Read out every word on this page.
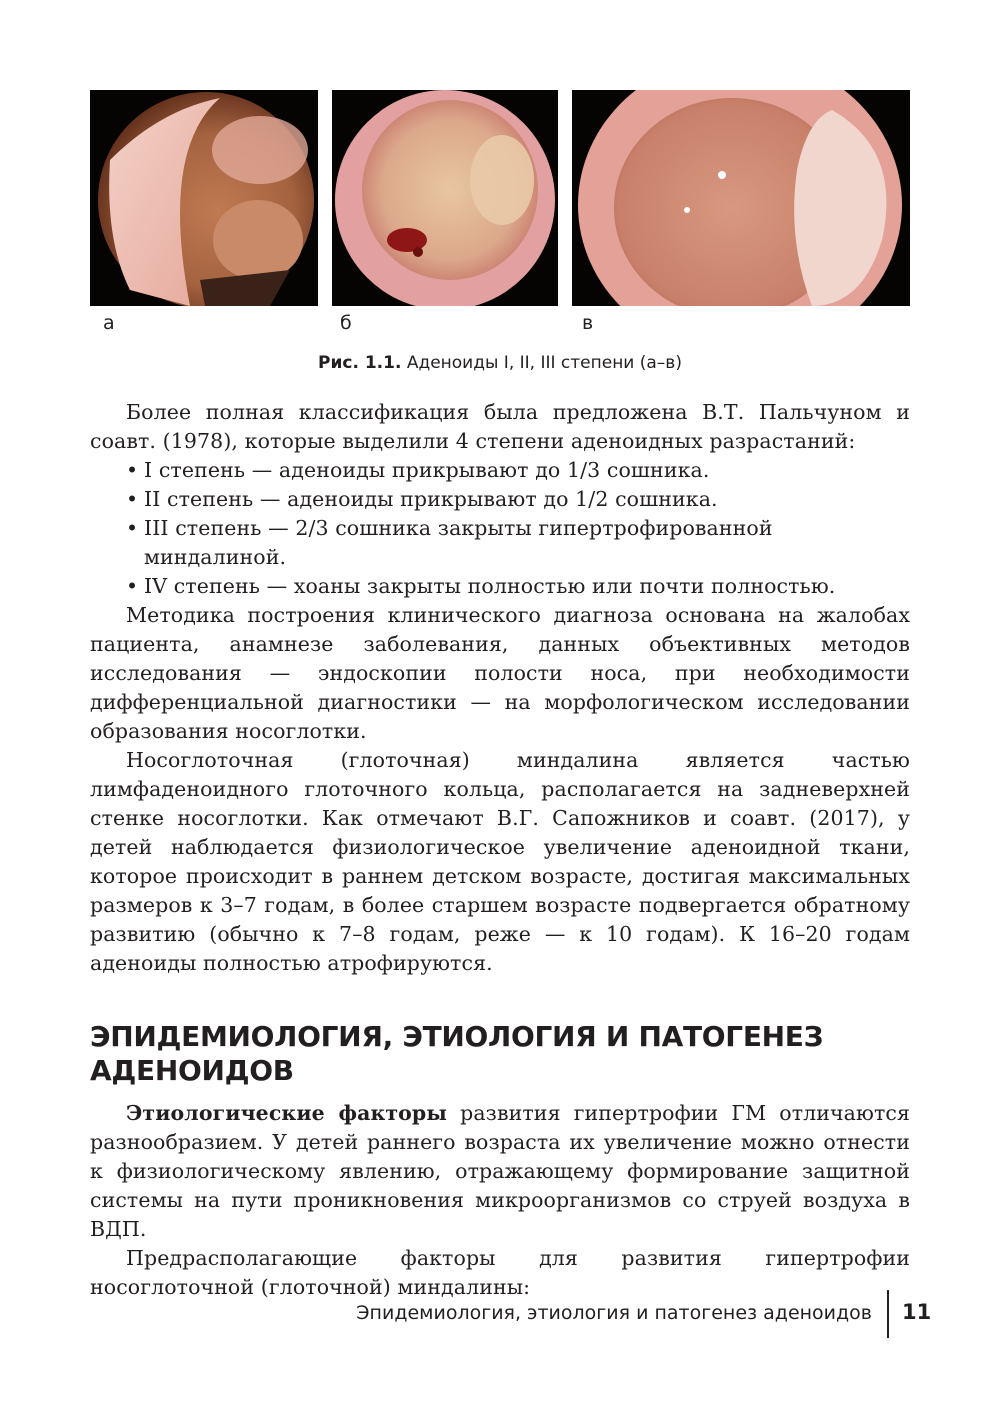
а	б	в
Рис. 1.1. Аденоиды I, II, III степени (а–в)

Более полная классификация была предложена В.Т. Пальчуном и соавт. (1978), которые выделили 4 степени аденоидных разрастаний:

• I степень — аденоиды прикрывают до 1/3 сошника.
• II степень — аденоиды прикрывают до 1/2 сошника.
• III степень — 2/3 сошника закрыты гипертрофированной миндалиной.
• IV степень — хоаны закрыты полностью или почти полностью.

Методика построения клинического диагноза основана на жалобах пациента, анамнезе заболевания, данных объективных методов исследования — эндоскопии полости носа, при необходимости дифференциальной диагностики — на морфологическом исследовании образования носоглотки.

Носоглоточная (глоточная) миндалина является частью лимфаденоидного глоточного кольца, располагается на задневерхней стенке носоглотки. Как отмечают В.Г. Сапожников и соавт. (2017), у детей наблюдается физиологическое увеличение аденоидной ткани, которое происходит в раннем детском возрасте, достигая максимальных размеров к 3–7 годам, в более старшем возрасте подвергается обратному развитию (обычно к 7–8 годам, реже — к 10 годам). К 16–20 годам аденоиды полностью атрофируются.

ЭПИДЕМИОЛОГИЯ, ЭТИОЛОГИЯ И ПАТОГЕНЕЗ АДЕНОИДОВ

Этиологические факторы развития гипертрофии ГМ отличаются разнообразием. У детей раннего возраста их увеличение можно отнести к физиологическому явлению, отражающему формирование защитной системы на пути проникновения микроорганизмов со струей воздуха в ВДП.

Предрасполагающие факторы для развития гипертрофии носоглоточной (глоточной) миндалины:

Эпидемиология, этиология и патогенез аденоидов 11
